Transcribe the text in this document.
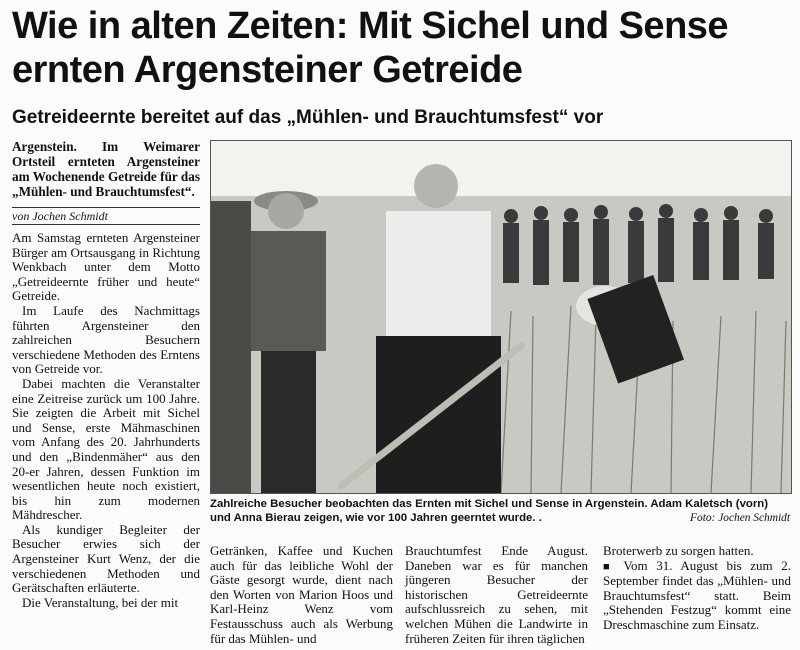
Wie in alten Zeiten: Mit Sichel und Sense ernten Argensteiner Getreide
Getreideernte bereitet auf das „Mühlen- und Brauchtumsfest“ vor

Argenstein. Im Weimarer Ortsteil ernteten Argensteiner am Wochenende Getreide für das „Mühlen- und Brauchtumsfest“.

von Jochen Schmidt

Am Samstag ernteten Argensteiner Bürger am Ortsausgang in Richtung Wenkbach unter dem Motto „Getreideernte früher und heute“ Getreide.

Im Laufe des Nachmittags führten Argensteiner den zahlreichen Besuchern verschiedene Methoden des Erntens von Getreide vor.

Dabei machten die Veranstalter eine Zeitreise zurück um 100 Jahre. Sie zeigten die Arbeit mit Sichel und Sense, erste Mähmaschinen vom Anfang des 20. Jahrhunderts und den „Bindenmäher“ aus den 20-er Jahren, dessen Funktion im wesentlichen heute noch existiert, bis hin zum modernen Mähdrescher.

Als kundiger Begleiter der Besucher erwies sich der Argensteiner Kurt Wenz, der die verschiedenen Methoden und Gerätschaften erläuterte.

Die Veranstaltung, bei der mit

Zahlreiche Besucher beobachten das Ernten mit Sichel und Sense in Argenstein. Adam Kaletsch (vorn) und Anna Bierau zeigen, wie vor 100 Jahren geerntet wurde. .	Foto: Jochen Schmidt

Getränken, Kaffee und Kuchen auch für das leibliche Wohl der Gäste gesorgt wurde, dient nach den Worten von Marion Hoos und Karl-Heinz Wenz vom Festausschuss auch als Werbung für das Mühlen- und

Brauchtumfest Ende August. Daneben war es für manchen jüngeren Besucher der historischen Getreideernte aufschlussreich zu sehen, mit welchen Mühen die Landwirte in früheren Zeiten für ihren täglichen

Broterwerb zu sorgen hatten.

■ Vom 31. August bis zum 2. September findet das „Mühlen- und Brauchtumsfest“ statt. Beim „Stehenden Festzug“ kommt eine Dreschmaschine zum Einsatz.
